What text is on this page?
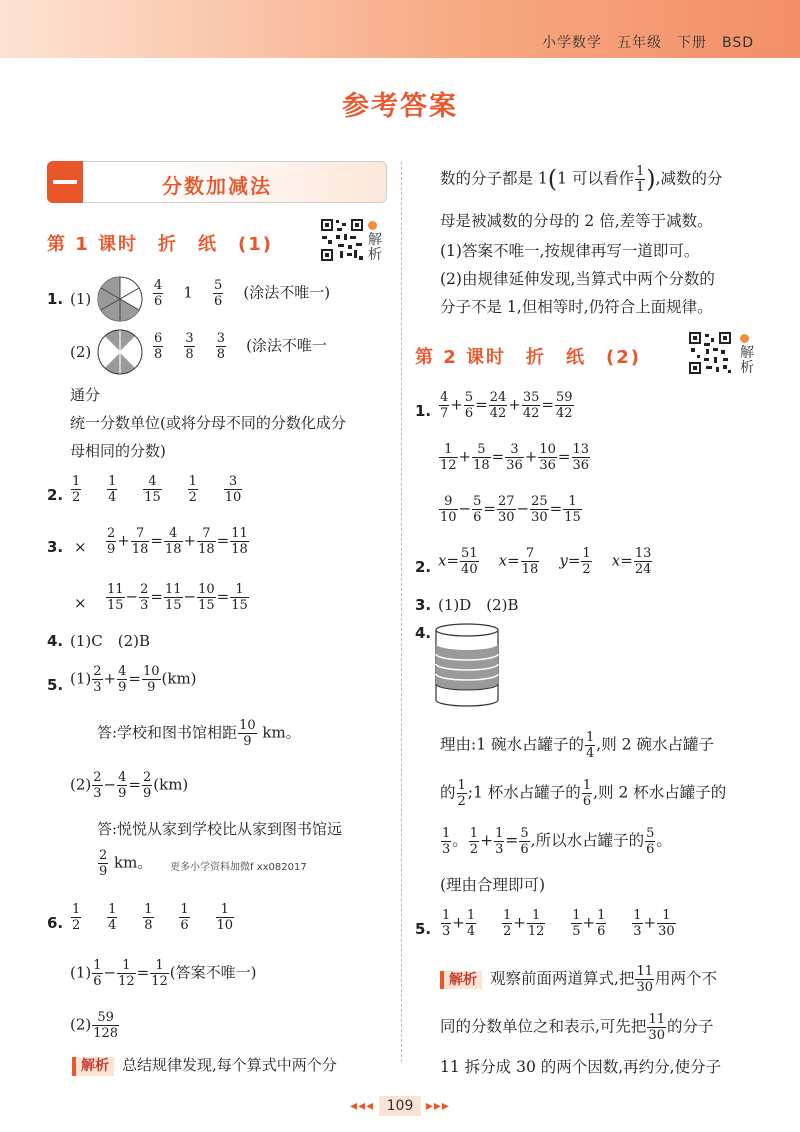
小学数学　五年级　下册　BSD
参考答案
分数加减法
第 1 课时　折　纸　(1)	解析
1. (1)	$\frac{4}{6} 1 \frac{5}{6}$ (涂法不唯一)
(2)	$\frac{6}{8}$
$\frac{3}{8}$
$\frac{3}{8}$ (涂法不唯一
通分
统一分数单位(或将分母不同的分数化成分
母相同的分数)
2. $\frac{1}{2}$
$\frac{1}{4}$
$\frac{4}{15}$
$\frac{1}{2}$
$\frac{3}{10}$
3. × $\frac{2}{9} + \frac{7}{18} = \frac{4}{18} + \frac{7}{18} = \frac{11}{18}$
× $\frac{11}{15} - \frac{2}{3} = \frac{11}{15} - \frac{10}{15} = \frac{1}{15}$
4. (1)C　(2)B
5. $(1) \frac{2}{3} + \frac{4}{9} = \frac{10}{9} (km)$
答:学校和图书馆相距 $\frac{10}{9}$ km。
$(2) \frac{2}{3} - \frac{4}{9} = \frac{2}{9} (km)$
答:悦悦从家到学校比从家到图书馆远
$\frac{2}{9}$ km。 更多小学资料加微f xx082017
6. $\frac{1}{2}$
$\frac{1}{4}$
$\frac{1}{8}$
$\frac{1}{6}$
$\frac{1}{10}$
$(1) \frac{1}{6} - \frac{1}{12} = \frac{1}{12}$ (答案不唯一)
$(2) \frac{59}{128}$
解析 总结规律发现,每个算式中两个分
数的分子都是 1(1 可以看作 $\frac{1}{1}$ ),减数的分
母是被减数的分母的 2 倍,差等于减数。
(1)答案不唯一,按规律再写一道即可。
(2)由规律延伸发现,当算式中两个分数的
分子不是 1,但相等时,仍符合上面规律。
第 2 课时　折　纸　(2)	解析
1. $\frac{4}{7} + \frac{5}{6} = \frac{24}{42} + \frac{35}{42} = \frac{59}{42}$
$\frac{1}{12} + \frac{5}{18} = \frac{3}{36} + \frac{10}{36} = \frac{13}{36}$
$\frac{9}{10} - \frac{5}{6} = \frac{27}{30} - \frac{25}{30} = \frac{1}{15}$
2. $x= \frac{51}{40} x= \frac{7}{18} y= \frac{1}{2} x= \frac{13}{24}$
3. (1)D　(2)B
4.
理由:1 碗水占罐子的 $\frac{1}{4}$ ,则 2 碗水占罐子
的 $\frac{1}{2}$ ;1 杯水占罐子的 $\frac{1}{6}$ ,则 2 杯水占罐子的
$\frac{1}{3}$ 。 $\frac{1}{2} + \frac{1}{3} = \frac{5}{6}$ ,所以水占罐子的 $\frac{5}{6}$ 。
(理由合理即可)
5. $\frac{1}{3} + \frac{1}{4}$
$\frac{1}{2} + \frac{1}{12}$
$\frac{1}{5} + \frac{1}{6}$
$\frac{1}{3} + \frac{1}{30}$
解析 观察前面两道算式,把 $\frac{11}{30}$ 用两个不
同的分数单位之和表示,可先把 $\frac{11}{30}$ 的分子
11 拆分成 30 的两个因数,再约分,使分子
◂◂◂ 109 ▸▸▸
